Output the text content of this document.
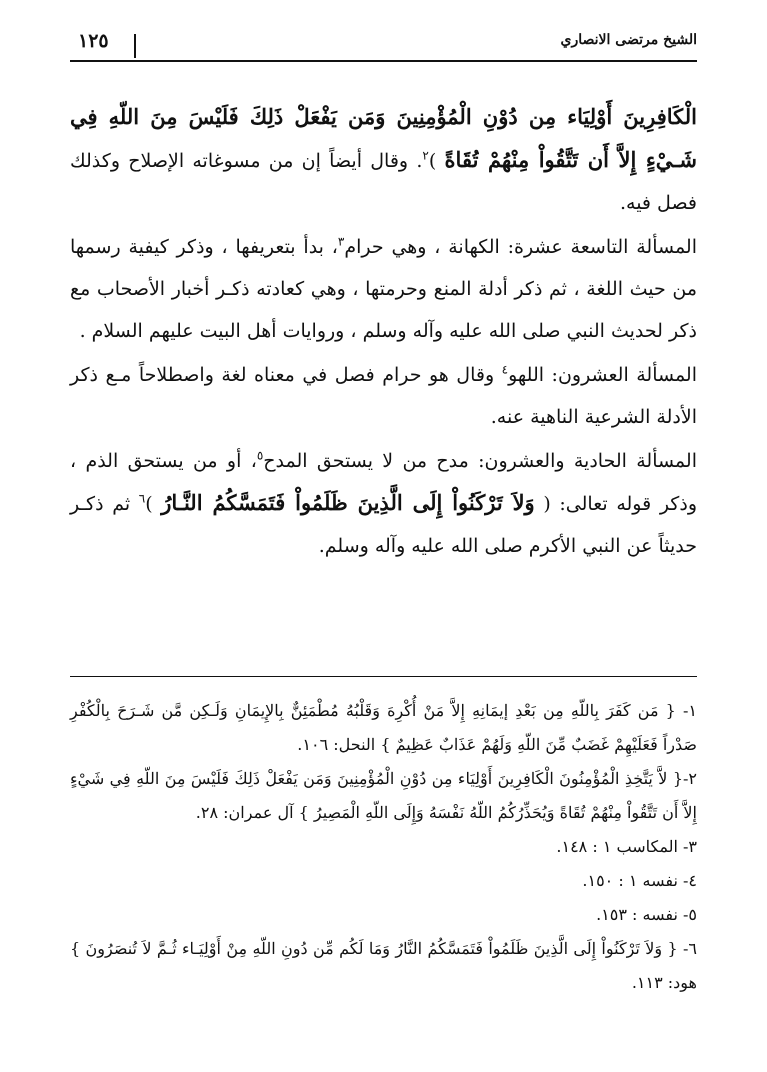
الشيخ مرتضى الانصاري
١٢٥

الْكَافِرِينَ أَوْلِيَاء مِن دُوْنِ الْمُؤْمِنِينَ وَمَن يَفْعَلْ ذَلِكَ فَلَيْسَ مِنَ اللّهِ فِي شَـيْءٍ إِلاَّ أَن تَتَّقُواْ مِنْهُمْ تُقَاةً )$^٢$. وقال أيضاً إن من مسوغاته الإصلاح وكذلك فصل فيه.

المسألة التاسعة عشرة: الكهانة ، وهي حرام$^٣$، بدأ بتعريفها ، وذكر كيفية رسمها من حيث اللغة ، ثم ذكر أدلة المنع وحرمتها ، وهي كعادته ذكـر أخبار الأصحاب مع ذكر لحديث النبي صلى الله عليه وآله وسلم ، وروايات أهل البيت عليهم السلام .

المسألة العشرون: اللهو$^٤$ وقال هو حرام فصل في معناه لغة واصطلاحاً مـع ذكر الأدلة الشرعية الناهية عنه.

المسألة الحادية والعشرون: مدح من لا يستحق المدح$^٥$، أو من يستحق الذم ، وذكر قوله تعالى: ( وَلاَ تَرْكَنُواْ إِلَى الَّذِينَ ظَلَمُواْ فَتَمَسَّكُمُ النَّـارُ )$^٦$ ثم ذكـر حديثاً عن النبي الأكرم صلى الله عليه وآله وسلم.

١- { مَن كَفَرَ بِاللّهِ مِن بَعْدِ إيمَانِهِ إِلاَّ مَنْ أُكْرِهَ وَقَلْبُهُ مُطْمَئِنٌّ بِالإِيمَانِ وَلَـكِن مَّن شَـرَحَ بِالْكُفْرِ صَدْراً فَعَلَيْهِمْ غَضَبٌ مِّنَ اللّهِ وَلَهُمْ عَذَابٌ عَظِيمٌ } النحل: ١٠٦.

٢-{ لاَّ يَتَّخِذِ الْمُؤْمِنُونَ الْكَافِرِينَ أَوْلِيَاء مِن دُوْنِ الْمُؤْمِنِينَ وَمَن يَفْعَلْ ذَلِكَ فَلَيْسَ مِنَ اللّهِ فِي شَيْءٍ إِلاَّ أَن تَتَّقُواْ مِنْهُمْ تُقَاةً وَيُحَذِّرُكُمُ اللّهُ نَفْسَهُ وَإِلَى اللّهِ الْمَصِيرُ } آل عمران: ٢٨.

٣- المكاسب ١ : ١٤٨.

٤- نفسه ١ : ١٥٠.

٥- نفسه : ١٥٣.

٦- { وَلاَ تَرْكَنُواْ إِلَى الَّذِينَ ظَلَمُواْ فَتَمَسَّكُمُ النَّارُ وَمَا لَكُم مِّن دُونِ اللّهِ مِنْ أَوْلِيَـاء ثُـمَّ لاَ تُنصَرُونَ } هود: ١١٣.
